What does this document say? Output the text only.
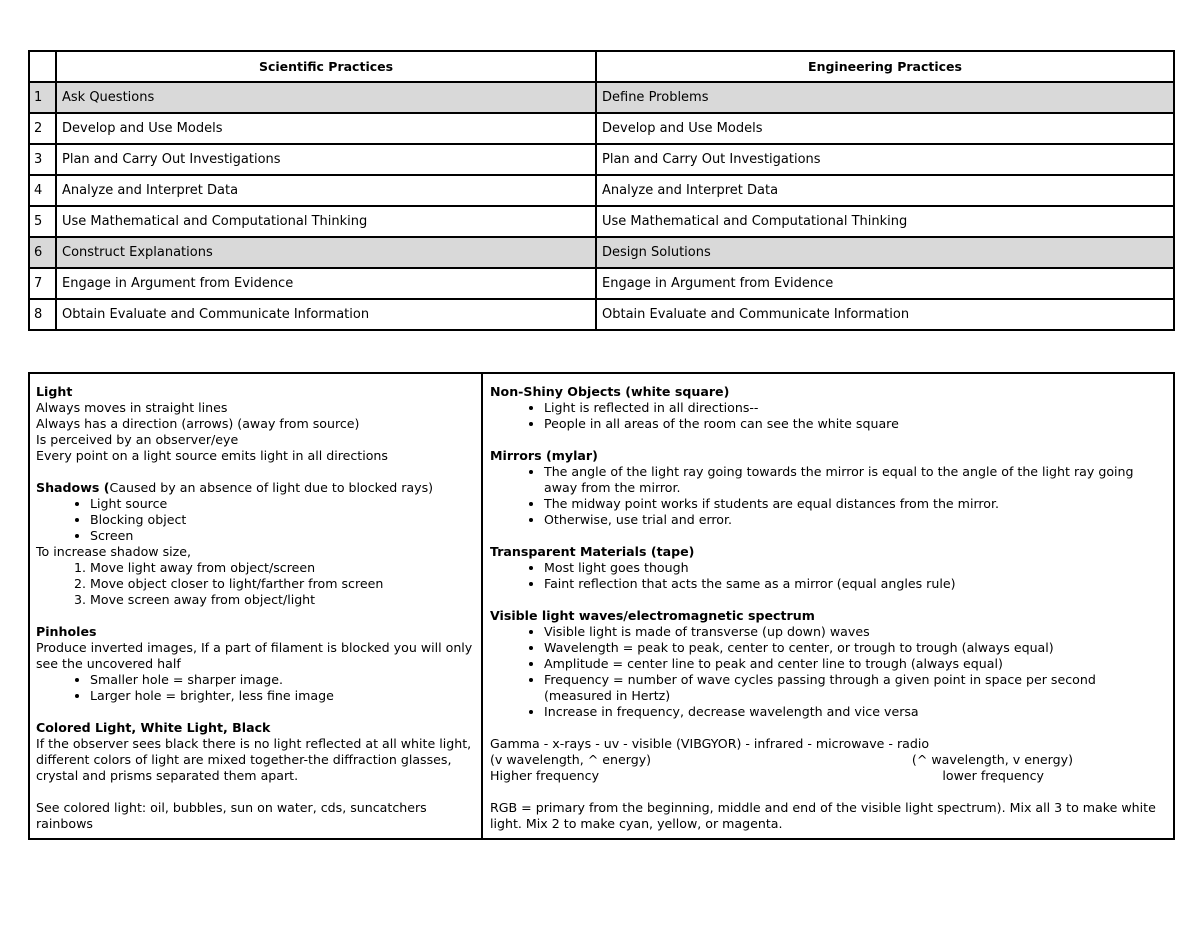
	Scientific Practices	Engineering Practices
1	Ask Questions	Define Problems
2	Develop and Use Models	Develop and Use Models
3	Plan and Carry Out Investigations	Plan and Carry Out Investigations
4	Analyze and Interpret Data	Analyze and Interpret Data
5	Use Mathematical and Computational Thinking	Use Mathematical and Computational Thinking
6	Construct Explanations	Design Solutions
7	Engage in Argument from Evidence	Engage in Argument from Evidence
8	Obtain Evaluate and Communicate Information	Obtain Evaluate and Communicate Information
Light
Always moves in straight lines
Always has a direction (arrows) (away from source)
Is perceived by an observer/eye
Every point on a light source emits light in all directions
Shadows (Caused by an absence of light due to blocked rays)
• Light source
• Blocking object
• Screen
To increase shadow size,
1. Move light away from object/screen
2. Move object closer to light/farther from screen
3. Move screen away from object/light
Pinholes
Produce inverted images, If a part of filament is blocked you will only see the uncovered half
• Smaller hole = sharper image.
• Larger hole = brighter, less fine image
Colored Light, White Light, Black
If the observer sees black there is no light reflected at all white light, different colors of light are mixed together-the diffraction glasses, crystal and prisms separated them apart.
See colored light: oil, bubbles, sun on water, cds, suncatchers rainbows
Non-Shiny Objects (white square)
• Light is reflected in all directions--
• People in all areas of the room can see the white square
Mirrors (mylar)
• The angle of the light ray going towards the mirror is equal to the angle of the light ray going away from the mirror.
• The midway point works if students are equal distances from the mirror.
• Otherwise, use trial and error.
Transparent Materials (tape)
• Most light goes though
• Faint reflection that acts the same as a mirror (equal angles rule)
Visible light waves/electromagnetic spectrum
• Visible light is made of transverse (up down) waves
• Wavelength = peak to peak, center to center, or trough to trough (always equal)
• Amplitude = center line to peak and center line to trough (always equal)
• Frequency = number of wave cycles passing through a given point in space per second (measured in Hertz)
• Increase in frequency, decrease wavelength and vice versa
Gamma - x-rays - uv - visible (VIBGYOR) - infrared - microwave - radio
(v wavelength, ^ energy)	(^ wavelength, v energy)
Higher frequency	lower frequency
RGB = primary from the beginning, middle and end of the visible light spectrum). Mix all 3 to make white light. Mix 2 to make cyan, yellow, or magenta.
